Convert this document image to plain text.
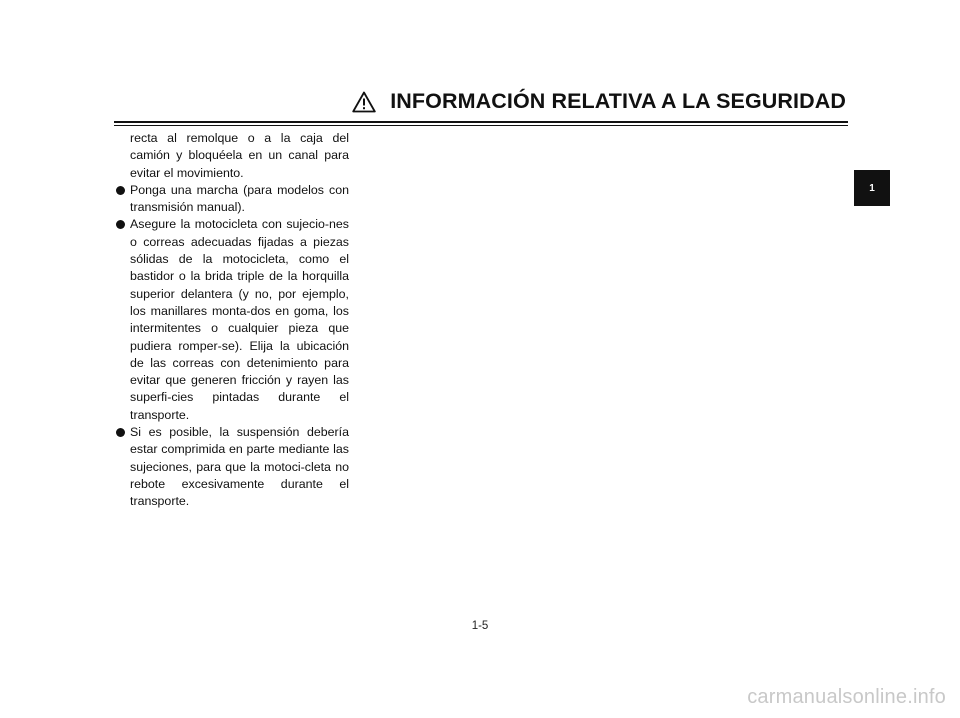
INFORMACIÓN RELATIVA A LA SEGURIDAD
recta al remolque o a la caja del camión y bloquéela en un canal para evitar el movimiento.
Ponga una marcha (para modelos con transmisión manual).
Asegure la motocicleta con sujecio-nes o correas adecuadas fijadas a piezas sólidas de la motocicleta, como el bastidor o la brida triple de la horquilla superior delantera (y no, por ejemplo, los manillares monta-dos en goma, los intermitentes o cualquier pieza que pudiera romper-se). Elija la ubicación de las correas con detenimiento para evitar que generen fricción y rayen las superfi-cies pintadas durante el transporte.
Si es posible, la suspensión debería estar comprimida en parte mediante las sujeciones, para que la motoci-cleta no rebote excesivamente durante el transporte.
1
1-5
carmanualsonline.info
